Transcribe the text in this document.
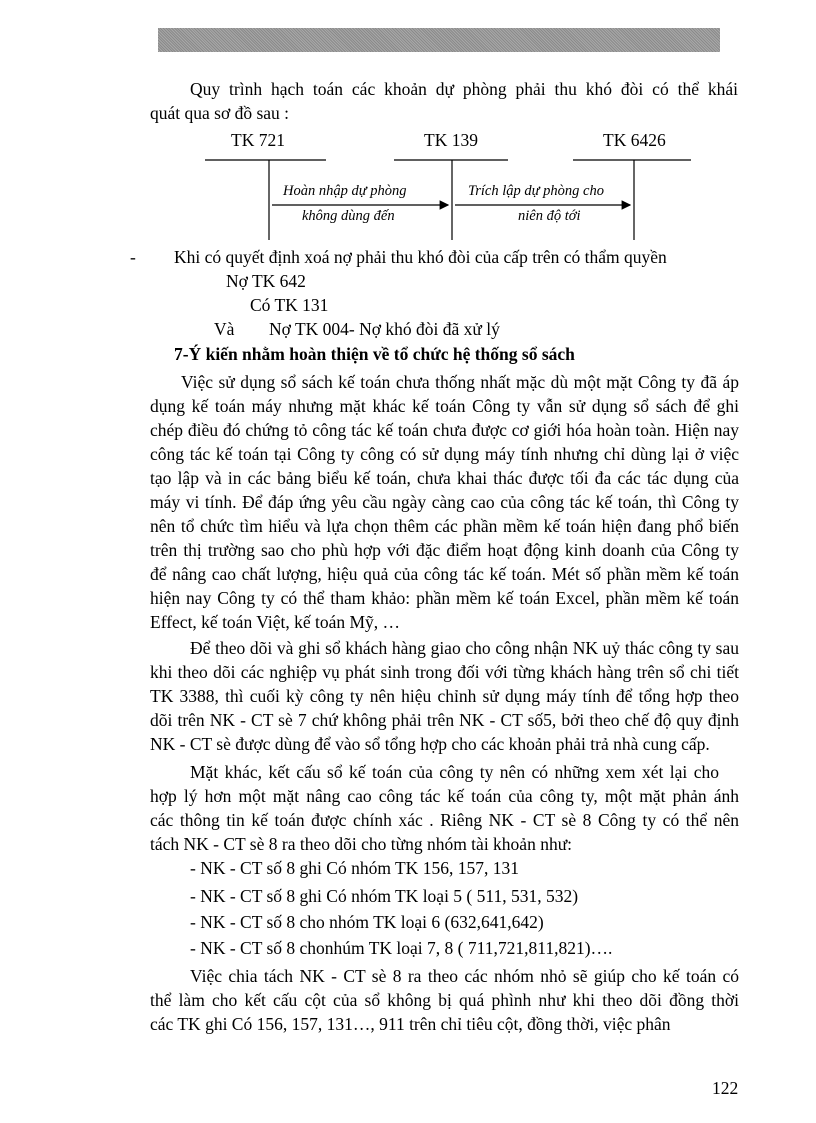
Quy trình hạch toán các khoản dự phòng phải thu khó đòi có thể khái
quát qua sơ đồ sau :
TK 721	TK 139	TK 6426
Hoàn nhập dự phòng
không dùng đến
Trích lập dự phòng cho
niên độ tới
- Khi có quyết định xoá nợ phải thu khó đòi của cấp trên có thẩm quyền
Nợ TK 642
Có TK 131
Và Nợ TK 004- Nợ khó đòi đã xử lý
7-Ý kiến nhằm hoàn thiện về tổ chức hệ thống sổ sách
Việc sử dụng sổ sách kế toán chưa thống nhất mặc dù một mặt Công ty đã áp
dụng kế toán máy nhưng mặt khác kế toán Công ty vẫn sử dụng sổ sách để ghi
chép điều đó chứng tỏ công tác kế toán chưa được cơ giới hóa hoàn toàn. Hiện nay
công tác kế toán tại Công ty công có sử dụng máy tính nhưng chỉ dùng lại ở việc
tạo lập và in các bảng biểu kế toán, chưa khai thác được tối đa các tác dụng của
máy vi tính. Để đáp ứng yêu cầu ngày càng cao của công tác kế toán, thì Công ty
nên tổ chức tìm hiểu và lựa chọn thêm các phần mềm kế toán hiện đang phổ biến
trên thị trường sao cho phù hợp với đặc điểm hoạt động kinh doanh của Công ty
để nâng cao chất lượng, hiệu quả của công tác kế toán. Mét số phần mềm kế toán
hiện nay Công ty có thể tham khảo: phần mềm kế toán Excel, phần mềm kế toán
Effect, kế toán Việt, kế toán Mỹ, …
Để theo dõi và ghi sổ khách hàng giao cho công nhận NK uỷ thác công ty sau
khi theo dõi các nghiệp vụ phát sinh trong đối với từng khách hàng trên sổ chi tiết
TK 3388, thì cuối kỳ công ty nên hiệu chỉnh sử dụng máy tính để tổng hợp theo
dõi trên NK - CT sè 7 chứ không phải trên NK - CT số5, bởi theo chế độ quy định
NK - CT sè được dùng để vào sổ tổng hợp cho các khoản phải trả nhà cung cấp.
Mặt khác, kết cấu sổ kế toán của công ty nên có những xem xét lại cho
hợp lý hơn một mặt nâng cao công tác kế toán của công ty, một mặt phản ánh
các thông tin kế toán được chính xác . Riêng NK - CT sè 8 Công ty có thể nên
tách NK - CT sè 8 ra theo dõi cho từng nhóm tài khoản như:
- NK - CT số 8 ghi Có nhóm TK 156, 157, 131
- NK - CT số 8 ghi Có nhóm TK loại 5 ( 511, 531, 532)
- NK - CT số 8 cho nhóm TK loại 6 (632,641,642)
- NK - CT số 8 chonhúm TK loại 7, 8 ( 711,721,811,821)….
Việc chia tách NK - CT sè 8 ra theo các nhóm nhỏ sẽ giúp cho kế toán có
thể làm cho kết cấu cột của sổ không bị quá phình như khi theo dõi đồng thời
các TK ghi Có 156, 157, 131…, 911 trên chỉ tiêu cột, đồng thời, việc phân
122
